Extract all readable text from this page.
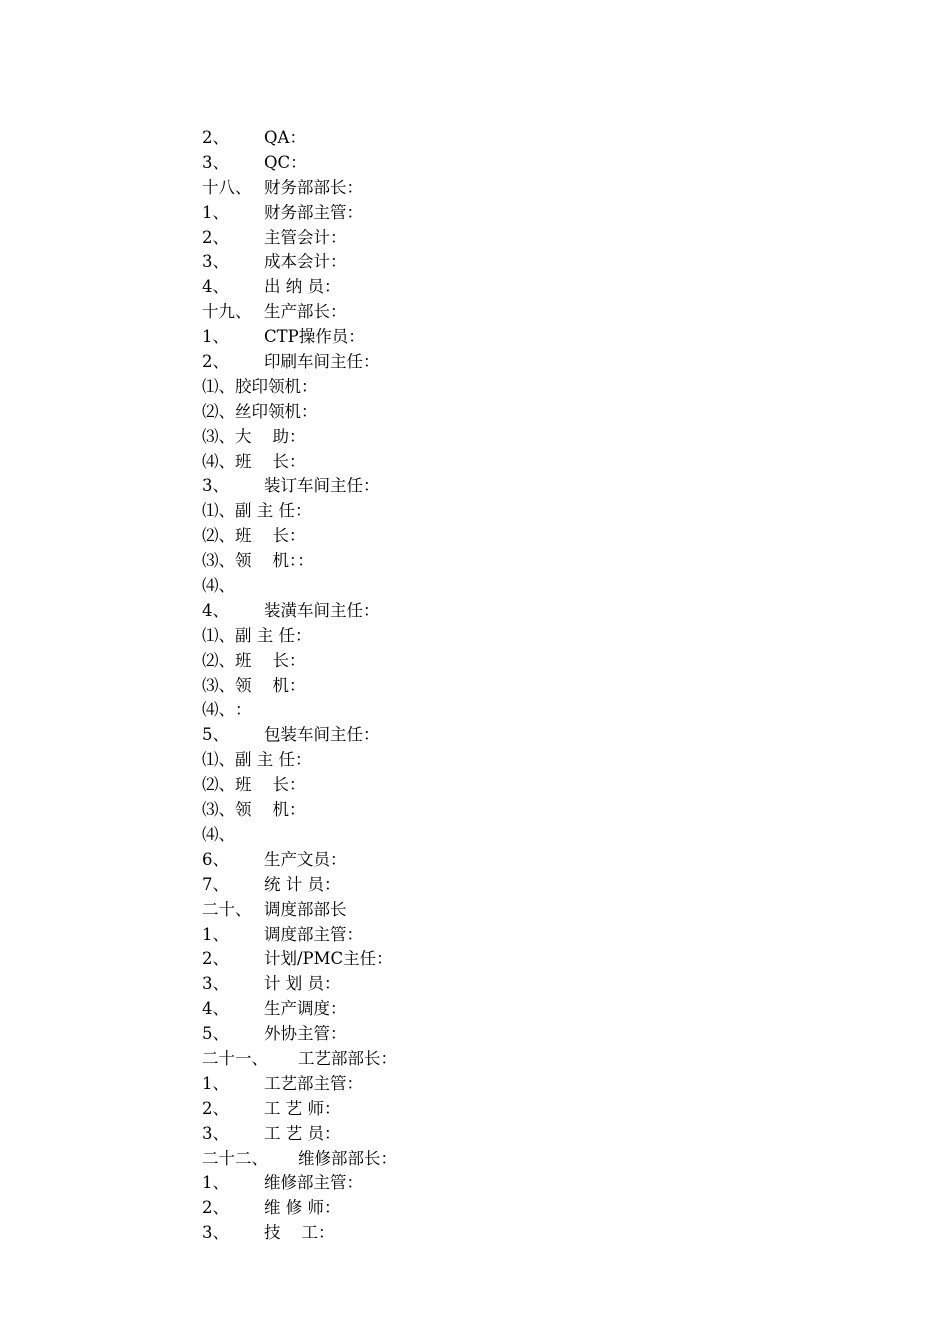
2、	QA：
3、	QC：
十八、 财务部部长：
1、	财务部主管：
2、	主管会计：
3、	成本会计：
4、	出 纳 员：
十九、 生产部长：
1、	CTP操作员：
2、	印刷车间主任：
⑴、 胶印领机：
⑵、 丝印领机：
⑶、 大    助：
⑷、 班    长：
3、	装订车间主任：
⑴、 副 主 任：
⑵、 班    长：
⑶、 领    机：：
⑷、
4、	装潢车间主任：
⑴、 副 主 任：
⑵、 班    长：
⑶、 领    机：
⑷、 ：
5、	包装车间主任：
⑴、 副 主 任：
⑵、 班    长：
⑶、 领    机：
⑷、
6、	生产文员：
7、	统 计 员：
二十、 调度部部长
1、	调度部主管：
2、	计划/PMC主任：
3、	计 划 员：
4、	生产调度：
5、	外协主管：
二十一、	工艺部部长：
1、	工艺部主管：
2、	工 艺 师：
3、	工 艺 员：
二十二、	维修部部长：
1、	维修部主管：
2、	维 修 师：
3、	技    工：
